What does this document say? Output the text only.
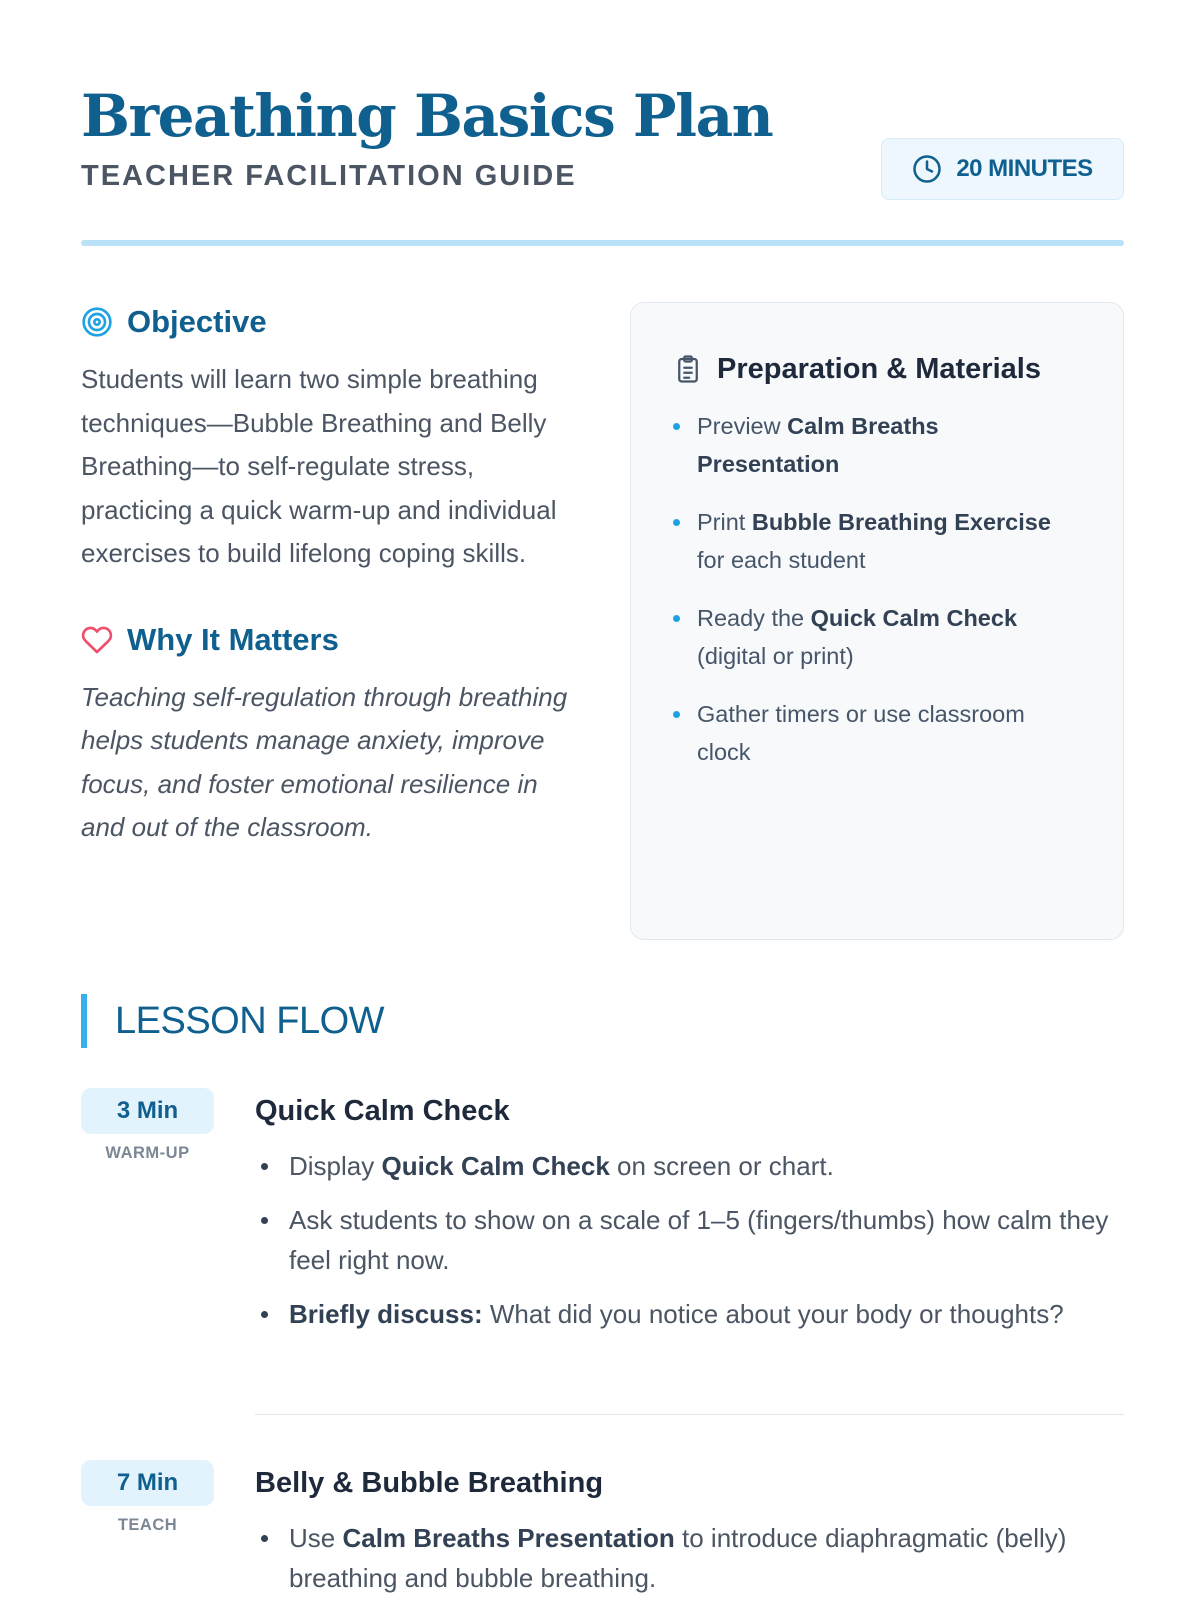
Breathing Basics Plan
TEACHER FACILITATION GUIDE	20 MINUTES
Objective

Students will learn two simple breathing techniques—Bubble Breathing and Belly Breathing—to self-regulate stress, practicing a quick warm-up and individual exercises to build lifelong coping skills.

Why It Matters

Teaching self-regulation through breathing helps students manage anxiety, improve focus, and foster emotional resilience in and out of the classroom.

Preparation & Materials
Preview Calm Breaths Presentation
Print Bubble Breathing Exercise for each student
Ready the Quick Calm Check (digital or print)
Gather timers or use classroom clock
LESSON FLOW
3 Min
WARM-UP
Quick Calm Check
Display Quick Calm Check on screen or chart.
Ask students to show on a scale of 1–5 (fingers/thumbs) how calm they feel right now.
Briefly discuss: What did you notice about your body or thoughts?
7 Min
TEACH
Belly & Bubble Breathing
Use Calm Breaths Presentation to introduce diaphragmatic (belly) breathing and bubble breathing.
